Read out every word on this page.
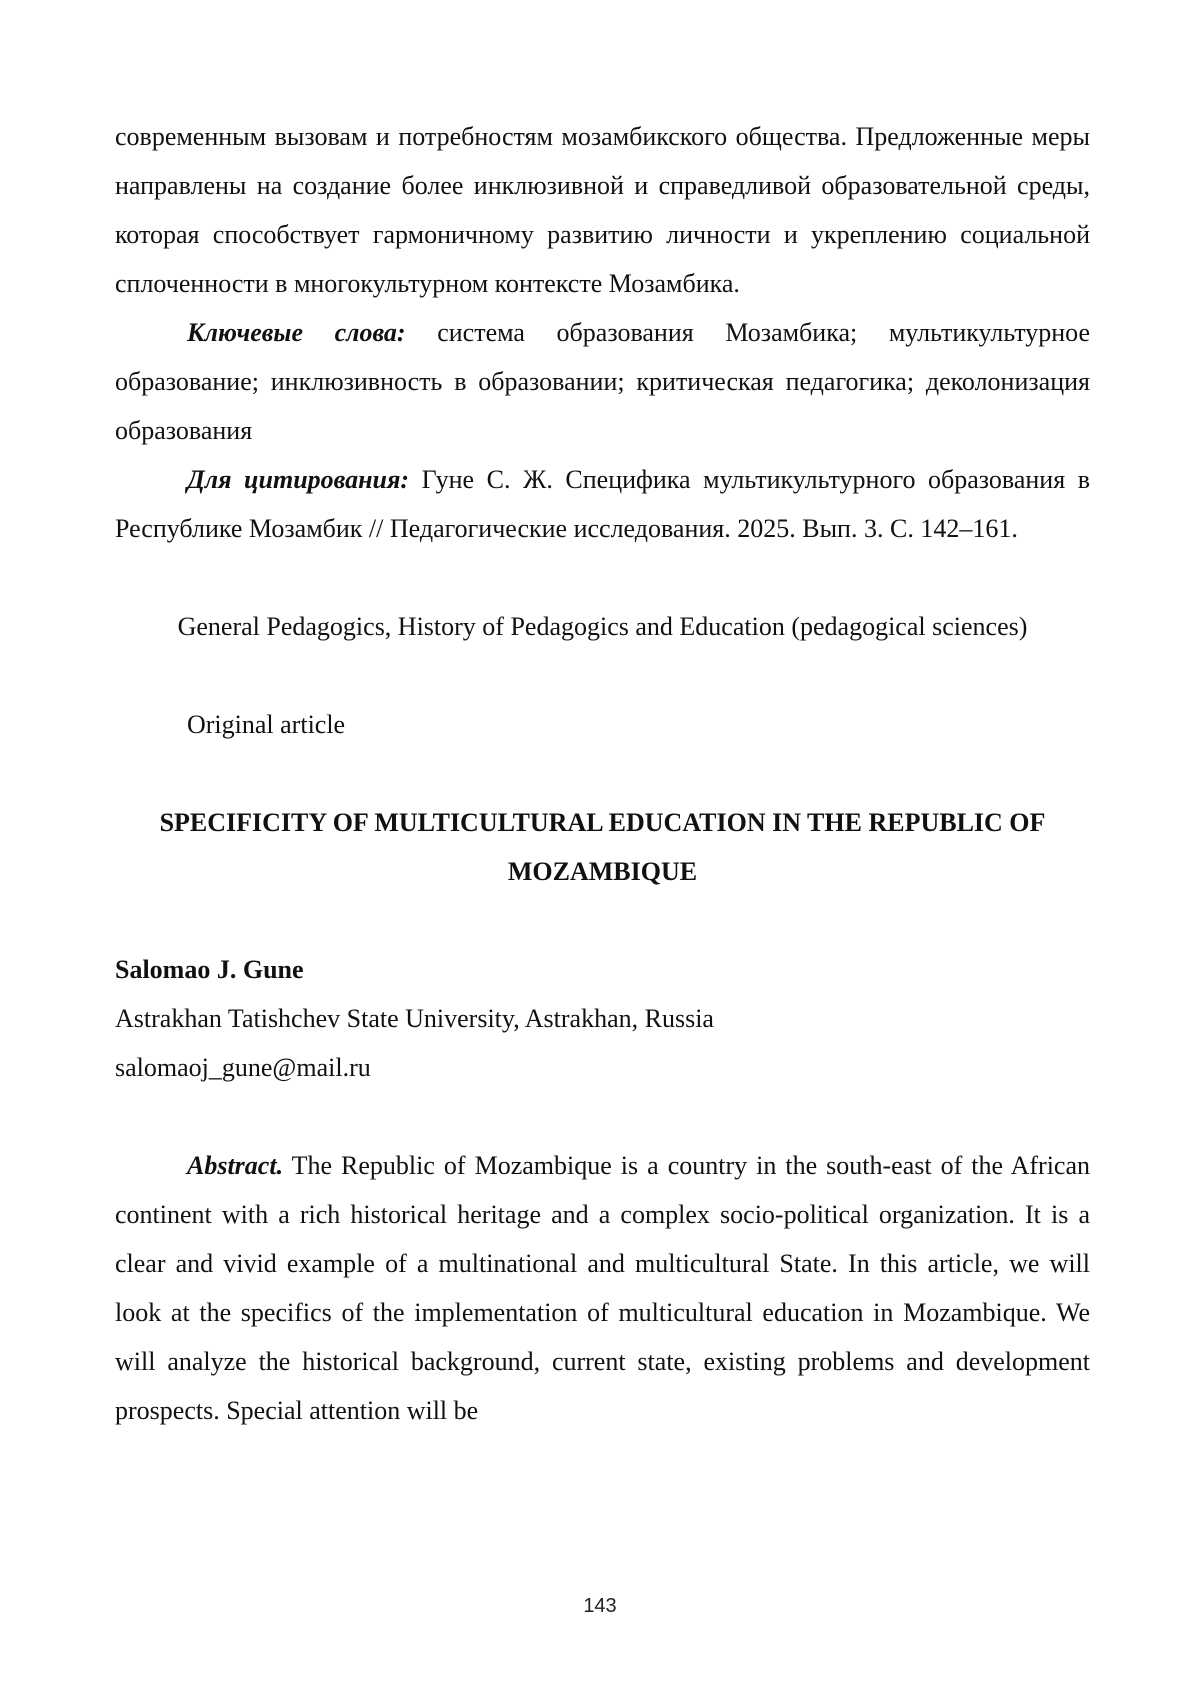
современным вызовам и потребностям мозамбикского общества. Предложенные меры направлены на создание более инклюзивной и справедливой образовательной среды, которая способствует гармоничному развитию личности и укреплению социальной сплоченности в многокультурном контексте Мозамбика.

Ключевые слова: система образования Мозамбика; мультикультурное образование; инклюзивность в образовании; критическая педагогика; деколонизация образования

Для цитирования: Гуне С. Ж. Специфика мультикультурного образования в Республике Мозамбик // Педагогические исследования. 2025. Вып. 3. С. 142–161.

General Pedagogics, History of Pedagogics and Education (pedagogical sciences)

Original article

SPECIFICITY OF MULTICULTURAL EDUCATION IN THE REPUBLIC OF MOZAMBIQUE

Salomao J. Gune

Astrakhan Tatishchev State University, Astrakhan, Russia

salomaoj_gune@mail.ru

Abstract. The Republic of Mozambique is a country in the south-east of the African continent with a rich historical heritage and a complex socio-political organization. It is a clear and vivid example of a multinational and multicultural State. In this article, we will look at the specifics of the implementation of multicultural education in Mozambique. We will analyze the historical background, current state, existing problems and development prospects. Special attention will be

143
